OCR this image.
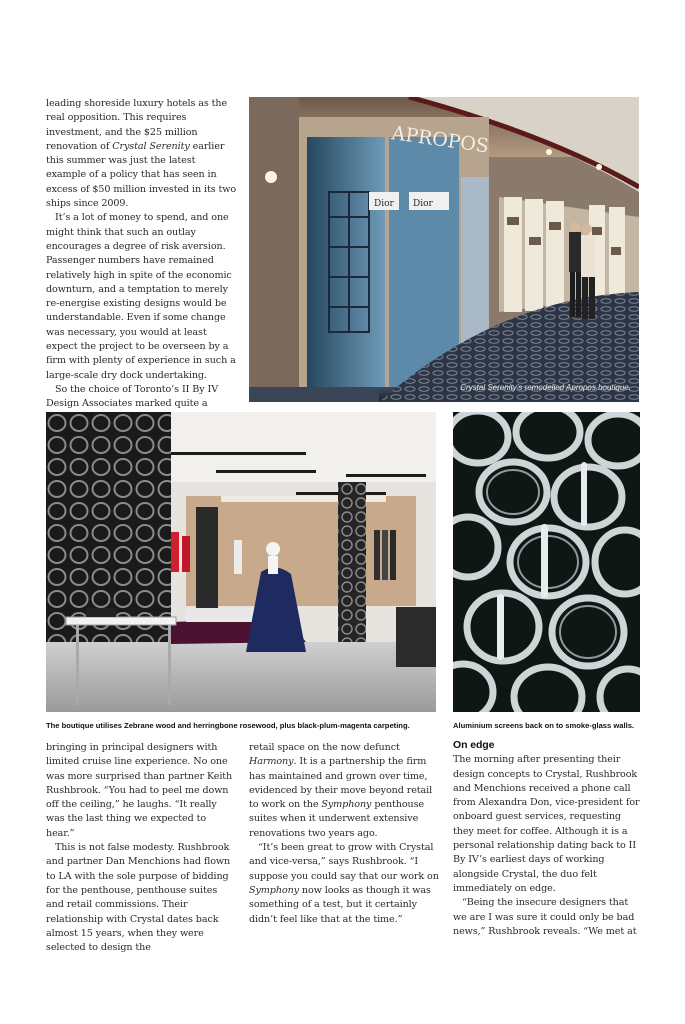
leading shoreside luxury hotels as the real opposition. This requires investment, and the $25 million renovation of Crystal Serenity earlier this summer was just the latest example of a policy that has seen in excess of $50 million invested in its two ships since 2009.

It’s a lot of money to spend, and one might think that such an outlay encourages a degree of risk aversion. Passenger numbers have remained relatively high in spite of the economic downturn, and a temptation to merely re-energise existing designs would be understandable. Even if some change was necessary, you would at least expect the project to be overseen by a firm with plenty of experience in such a large-scale dry dock undertaking.

So the choice of Toronto’s II By IV Design Associates marked quite a

APROPOS
Dior Dior
Crystal Serenity’s remodelled Apropos boutique.
The boutique utilises Zebrane wood and herringbone rosewood, plus black-plum-magenta carpeting.	Aluminium screens back on to smoke-glass walls.

bringing in principal designers with limited cruise line experience. No one was more surprised than partner Keith Rushbrook. “You had to peel me down off the ceiling,” he laughs. “It really was the last thing we expected to hear.”

This is not false modesty. Rushbrook and partner Dan Menchions had flown to LA with the sole purpose of bidding for the penthouse, penthouse suites and retail commissions. Their relationship with Crystal dates back almost 15 years, when they were selected to design the

retail space on the now defunct Harmony. It is a partnership the firm has maintained and grown over time, evidenced by their move beyond retail to work on the Symphony penthouse suites when it underwent extensive renovations two years ago.

“It’s been great to grow with Crystal and vice-versa,” says Rushbrook. “I suppose you could say that our work on Symphony now looks as though it was something of a test, but it certainly didn’t feel like that at the time.”

On edge

The morning after presenting their design concepts to Crystal, Rushbrook and Menchions received a phone call from Alexandra Don, vice-president for onboard guest services, requesting they meet for coffee. Although it is a personal relationship dating back to II By IV’s earliest days of working alongside Crystal, the duo felt immediately on edge.

“Being the insecure designers that we are I was sure it could only be bad news,” Rushbrook reveals. “We met at
